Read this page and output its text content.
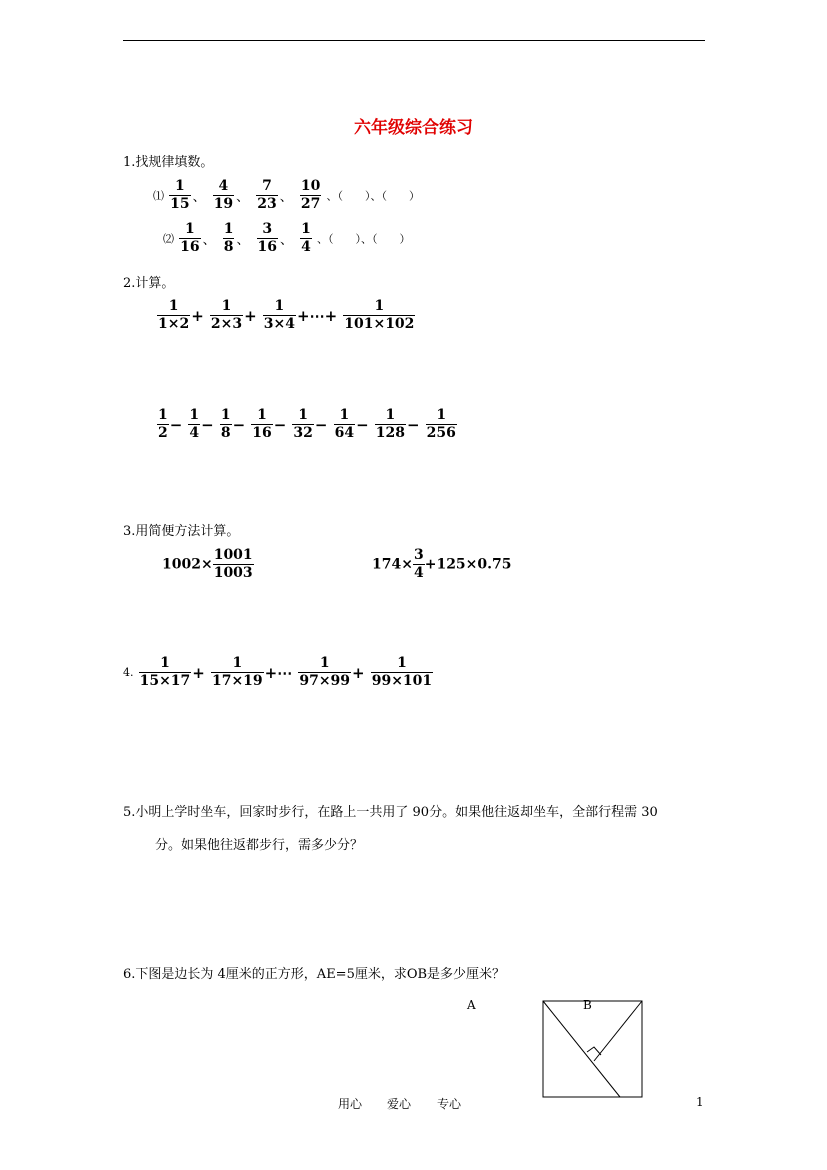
六年级综合练习
1.找规律填数。
⑴ $\frac{1}{15}$ 、 $\frac{4}{19}$ 、 $\frac{7}{23}$ 、 $\frac{10}{27}$ 、（　　）、（　　）
⑵ $\frac{1}{16}$ 、 $\frac{1}{8}$ 、 $\frac{3}{16}$ 、 $\frac{1}{4}$ 、（　　）、（　　）
2.计算。
$\frac{1}{1\times 2} + \frac{1}{2\times 3} + \frac{1}{3\times 4}$ +⋯+ $\frac{1}{101\times 102}$
$\frac{1}{2} - \frac{1}{4} - \frac{1}{8} - \frac{1}{16} - \frac{1}{32} - \frac{1}{64} - \frac{1}{128} - \frac{1}{256}$
3.用简便方法计算。
$1002\times \frac{1001}{1003}$	$174\times \frac{3}{4} +125\times 0.75$
4. $\frac{1}{15\times 17} + \frac{1}{17\times 19}$ +⋯ $\frac{1}{97\times 99} + \frac{1}{99\times 101}$
5.小明上学时坐车，回家时步行，在路上一共用了 90分。如果他往返却坐车，全部行程需 30
分。如果他往返都步行，需多少分？
6.下图是边长为 4厘米的正方形，AE=5厘米，求OB是多少厘米？
A	B
用心 爱心 专心	1
